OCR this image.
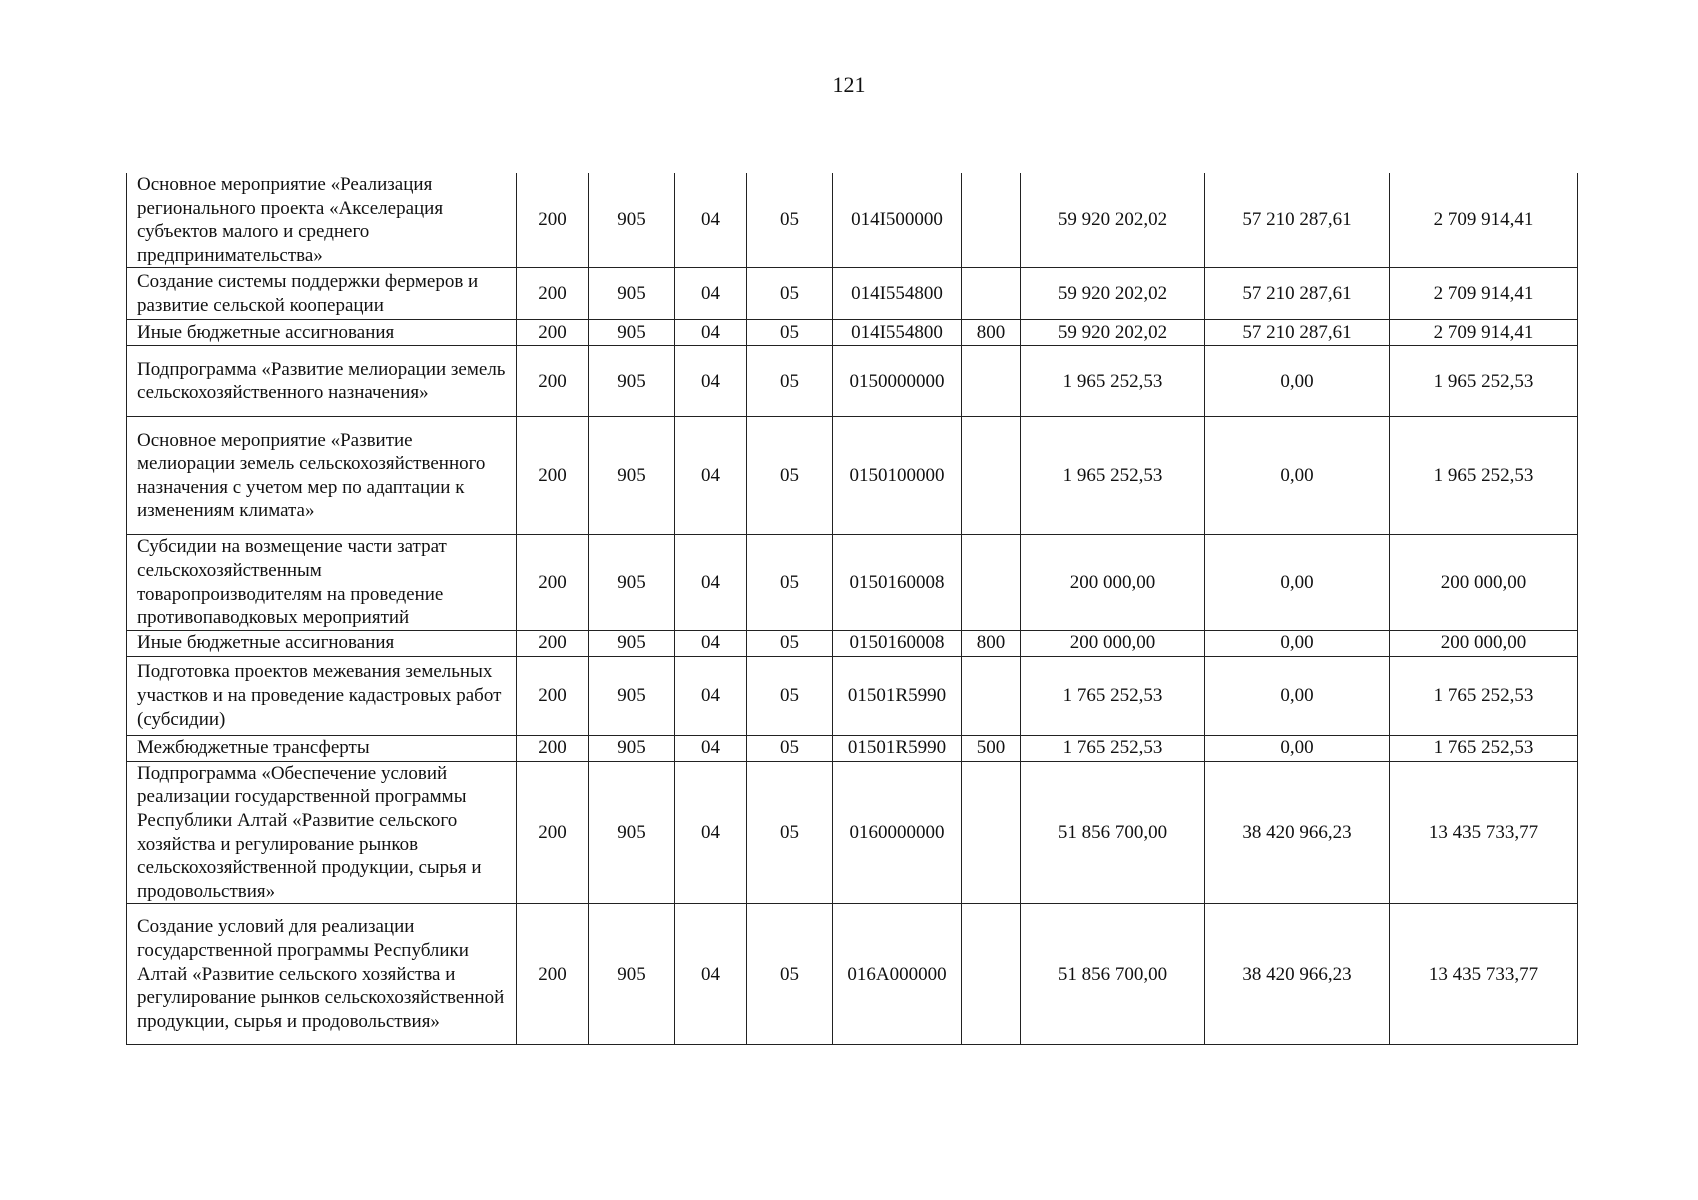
121
Основное мероприятие «Реализация регионального проекта «Акселерация субъектов малого и среднего предпринимательства»	200	905	04	05	014I500000		59 920 202,02	57 210 287,61	2 709 914,41
Создание системы поддержки фермеров и развитие сельской кооперации	200	905	04	05	014I554800		59 920 202,02	57 210 287,61	2 709 914,41
Иные бюджетные ассигнования	200	905	04	05	014I554800	800	59 920 202,02	57 210 287,61	2 709 914,41
Подпрограмма «Развитие мелиорации земель сельскохозяйственного назначения»	200	905	04	05	0150000000		1 965 252,53	0,00	1 965 252,53
Основное мероприятие «Развитие мелиорации земель сельскохозяйственного назначения с учетом мер по адаптации к изменениям климата»	200	905	04	05	0150100000		1 965 252,53	0,00	1 965 252,53
Субсидии на возмещение части затрат сельскохозяйственным товаропроизводителям на проведение противопаводковых мероприятий	200	905	04	05	0150160008		200 000,00	0,00	200 000,00
Иные бюджетные ассигнования	200	905	04	05	0150160008	800	200 000,00	0,00	200 000,00
Подготовка проектов межевания земельных участков и на проведение кадастровых работ (субсидии)	200	905	04	05	01501R5990		1 765 252,53	0,00	1 765 252,53
Межбюджетные трансферты	200	905	04	05	01501R5990	500	1 765 252,53	0,00	1 765 252,53
Подпрограмма «Обеспечение условий реализации государственной программы Республики Алтай «Развитие сельского хозяйства и регулирование рынков сельскохозяйственной продукции, сырья и продовольствия»	200	905	04	05	0160000000		51 856 700,00	38 420 966,23	13 435 733,77
Создание условий для реализации государственной программы Республики Алтай «Развитие сельского хозяйства и регулирование рынков сельскохозяйственной продукции, сырья и продовольствия»	200	905	04	05	016A000000		51 856 700,00	38 420 966,23	13 435 733,77
